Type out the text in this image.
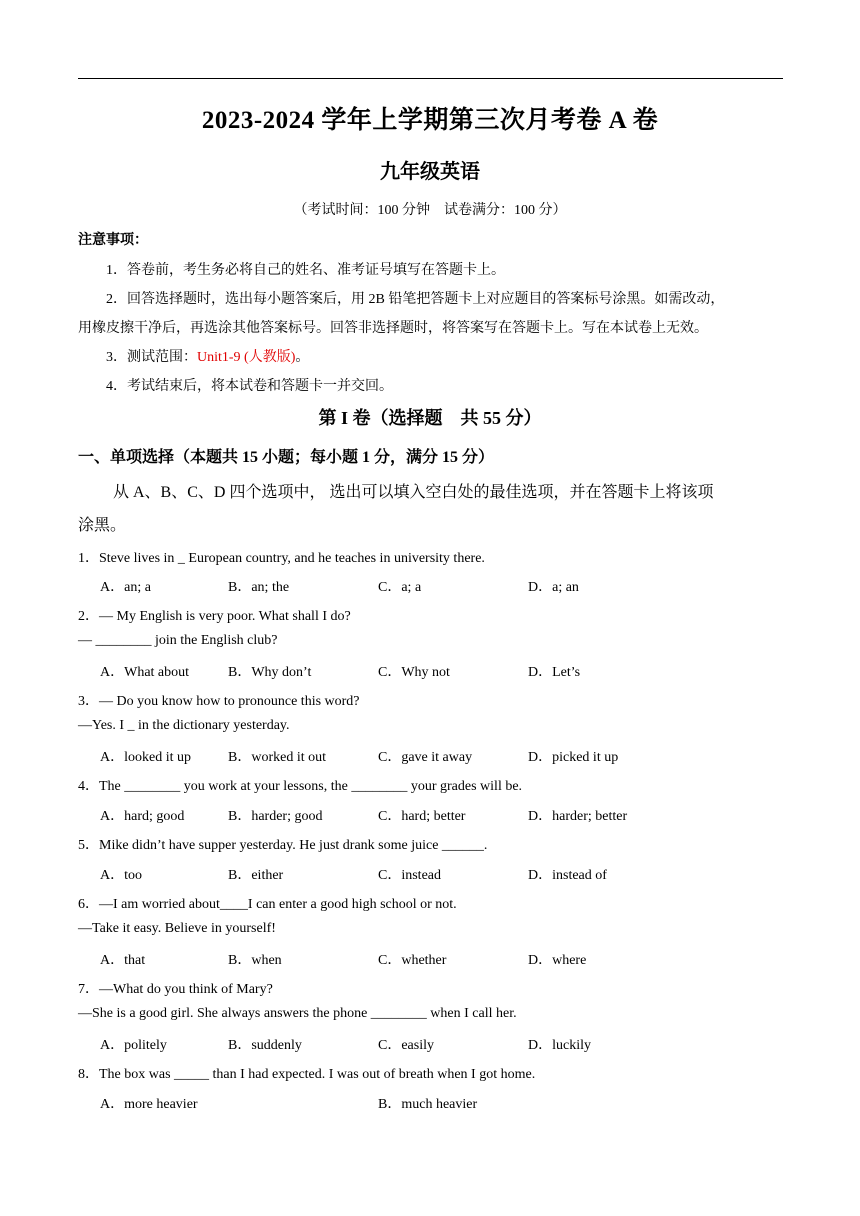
2023-2024 学年上学期第三次月考卷 A 卷
九年级英语
（考试时间：100 分钟　试卷满分：100 分）
注意事项：
1．答卷前，考生务必将自己的姓名、准考证号填写在答题卡上。
2．回答选择题时，选出每小题答案后，用 2B 铅笔把答题卡上对应题目的答案标号涂黑。如需改动，
用橡皮擦干净后，再选涂其他答案标号。回答非选择题时，将答案写在答题卡上。写在本试卷上无效。
3．测试范围：Unit1-9 (人教版)。
4．考试结束后，将本试卷和答题卡一并交回。
第 I 卷（选择题　共 55 分）
一、单项选择（本题共 15 小题；每小题 1 分，满分 15 分）
从 A、B、C、D 四个选项中， 选出可以填入空白处的最佳选项，并在答题卡上将该项
涂黑。
1．Steve lives in _ European country, and he teaches in university there.
A．an; a	B．an; the	C．a; a	D．a; an
2．— My English is very poor. What shall I do?
— ________ join the English club?
A．What about	B．Why don’t	C．Why not	D．Let’s
3．— Do you know how to pronounce this word?
—Yes. I _ in the dictionary yesterday.
A．looked it up	B．worked it out	C．gave it away	D．picked it up
4．The ________ you work at your lessons, the ________ your grades will be.
A．hard; good	B．harder; good	C．hard; better	D．harder; better
5．Mike didn’t have supper yesterday. He just drank some juice ______.
A．too	B．either	C．instead	D．instead of
6．—I am worried about____I can enter a good high school or not.
—Take it easy. Believe in yourself!
A．that	B．when	C．whether	D．where
7．—What do you think of Mary?
—She is a good girl. She always answers the phone ________ when I call her.
A．politely	B．suddenly	C．easily	D．luckily
8．The box was _____ than I had expected. I was out of breath when I got home.
A．more heavier	B．much heavier
